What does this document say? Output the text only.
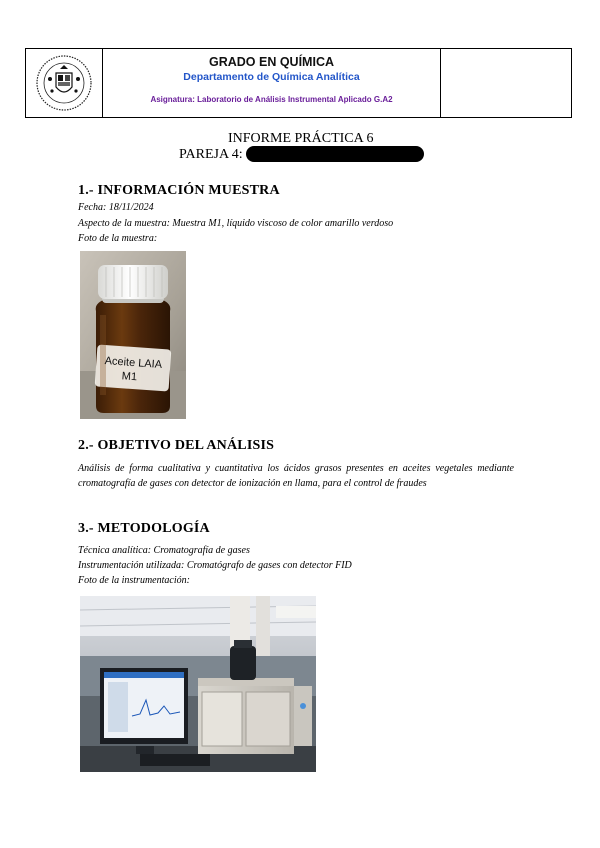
GRADO EN QUÍMICA
Departamento de Química Analítica
Asignatura: Laboratorio de Análisis Instrumental Aplicado G.A2
INFORME PRÁCTICA 6
PAREJA 4:
1.- INFORMACIÓN MUESTRA
Fecha: 18/11/2024
Aspecto de la muestra: Muestra M1, líquido viscoso de color amarillo verdoso
Foto de la muestra:
Aceite LAIA
M1
2.- OBJETIVO DEL ANÁLISIS
Análisis de forma cualitativa y cuantitativa los ácidos grasos presentes en aceites vegetales mediante cromatografía de gases con detector de ionización en llama, para el control de fraudes
3.- METODOLOGÍA
Técnica analítica: Cromatografía de gases
Instrumentación utilizada: Cromatógrafo de gases con detector FID
Foto de la instrumentación:
